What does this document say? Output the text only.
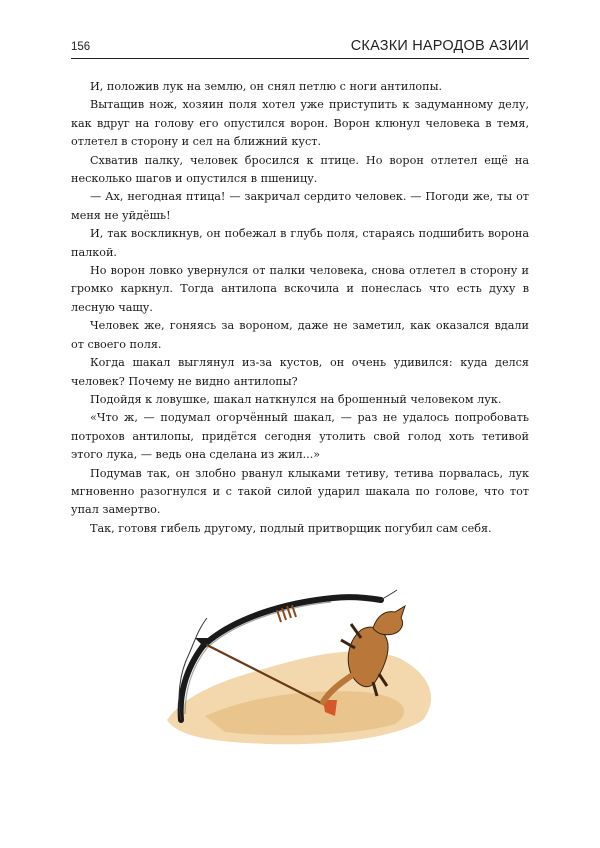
156	СКАЗКИ НАРОДОВ АЗИИ

И, положив лук на землю, он снял петлю с ноги антилопы.

Вытащив нож, хозяин поля хотел уже приступить к задуманному делу, как вдруг на голову его опустился ворон. Ворон клюнул человека в темя, отлетел в сторону и сел на ближний куст.

Схватив палку, человек бросился к птице. Но ворон отлетел ещё на несколько шагов и опустился в пшеницу.

— Ах, негодная птица! — закричал сердито человек. — Погоди же, ты от меня не уйдёшь!

И, так воскликнув, он побежал в глубь поля, стараясь подшибить ворона палкой.

Но ворон ловко увернулся от палки человека, снова отлетел в сторону и громко каркнул. Тогда антилопа вскочила и понеслась что есть духу в лесную чащу.

Человек же, гоняясь за вороном, даже не заметил, как оказался вдали от своего поля.

Когда шакал выглянул из-за кустов, он очень удивился: куда делся человек? Почему не видно антилопы?

Подойдя к ловушке, шакал наткнулся на брошенный человеком лук.

«Что ж, — подумал огорчённый шакал, — раз не удалось попробовать потрохов антилопы, придётся сегодня утолить свой голод хоть тетивой этого лука, — ведь она сделана из жил...»

Подумав так, он злобно рванул клыками тетиву, тетива порвалась, лук мгновенно разогнулся и с такой силой ударил шакала по голове, что тот упал замертво.

Так, готовя гибель другому, подлый притворщик погубил сам себя.
